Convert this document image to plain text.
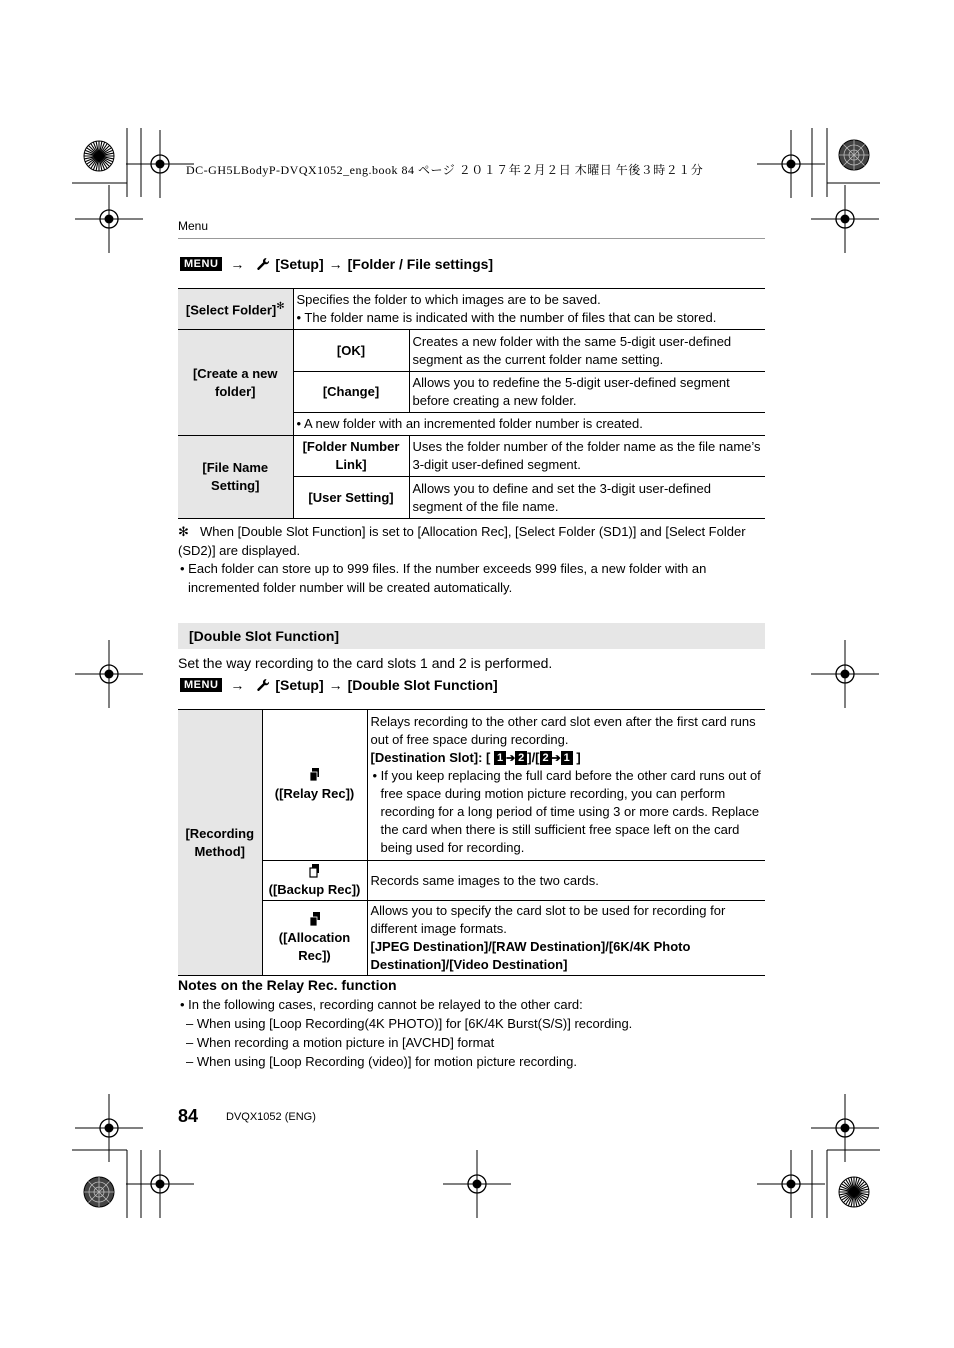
DC-GH5LBodyP-DVQX1052_eng.book 84 ページ ２０１７年２月２日 木曜日 午後３時２１分
Menu
MENU → [Setup] → [Folder / File settings]
[Select Folder]✻	Specifies the folder to which images are to be saved.
• The folder name is indicated with the number of files that can be stored.	

[Create a new folder]	[OK]	Creates a new folder with the same 5-digit user-defined segment as the current folder name setting.
	[Change]	Allows you to redefine the 5-digit user-defined segment before creating a new folder.
	• A new folder with an incremented folder number is created.	
[File Name Setting]	[Folder Number Link]	Uses the folder number of the folder name as the file name’s 3-digit user-defined segment.
	[User Setting]	Allows you to define and set the 3-digit user-defined segment of the file name.
✻ When [Double Slot Function] is set to [Allocation Rec], [Select Folder (SD1)] and [Select Folder (SD2)] are displayed.
• Each folder can store up to 999 files. If the number exceeds 999 files, a new folder with an incremented folder number will be created automatically.
[Double Slot Function]
Set the way recording to the card slots 1 and 2 is performed.
MENU → [Setup] → [Double Slot Function]
[Recording Method]	([Relay Rec])	Relays recording to the other card slot even after the first card runs out of free space during recording.
[Destination Slot]: [ 1 ➔ 2 ]/[ 2 ➔ 1 ]
• If you keep replacing the full card before the other card runs out of free space during motion picture recording, you can perform recording for a long period of time using 3 or more cards. Replace the card when there is still sufficient free space left on the card being used for recording.

([Backup Rec])	Records same images to the two cards.

([Allocation Rec])	Allows you to specify the card slot to be used for recording for different image formats.
[JPEG Destination]/[RAW Destination]/[6K/4K Photo Destination]/[Video Destination]
Notes on the Relay Rec. function
• In the following cases, recording cannot be relayed to the other card:
– When using [Loop Recording(4K PHOTO)] for [6K/4K Burst(S/S)] recording.
– When recording a motion picture in [AVCHD] format
– When using [Loop Recording (video)] for motion picture recording.
84	DVQX1052 (ENG)
